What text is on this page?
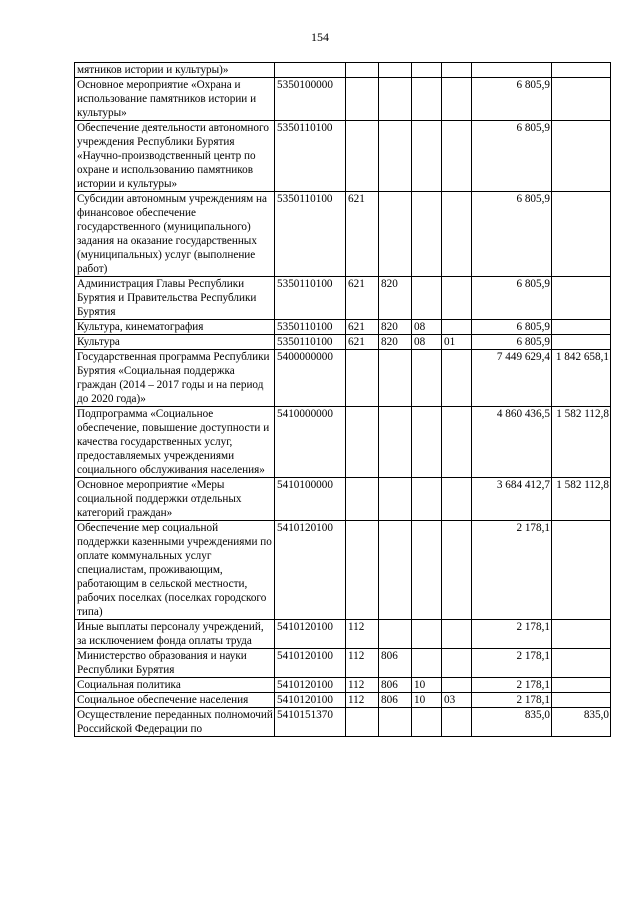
154
мятников истории и культуры)»							
Основное мероприятие «Охрана и использование памятников истории и культуры»	5350100000					6 805,9	
Обеспечение деятельности автономного учреждения Республики Бурятия «Научно-производственный центр по охране и использованию памятников истории и культуры»	5350110100					6 805,9	
Субсидии автономным учреждениям на финансовое обеспечение государственного (муниципального) задания на оказание государственных (муниципальных) услуг (выполнение работ)	5350110100	621				6 805,9	
Администрация Главы Республики Бурятия и Правительства Республики Бурятия	5350110100	621	820			6 805,9	
Культура, кинематография	5350110100	621	820	08		6 805,9	
Культура	5350110100	621	820	08	01	6 805,9	
Государственная программа Республики Бурятия «Социальная поддержка граждан (2014 – 2017 годы и на период до 2020 года)»	5400000000					7 449 629,4	1 842 658,1
Подпрограмма «Социальное обеспечение, повышение доступности и качества государственных услуг, предоставляемых учреждениями социального обслуживания населения»	5410000000					4 860 436,5	1 582 112,8
Основное мероприятие «Меры социальной поддержки отдельных категорий граждан»	5410100000					3 684 412,7	1 582 112,8
Обеспечение мер социальной поддержки казенными учреждениями по оплате коммунальных услуг специалистам, проживающим, работающим в сельской местности, рабочих поселках (поселках городского типа)	5410120100					2 178,1	
Иные выплаты персоналу учреждений, за исключением фонда оплаты труда	5410120100	112				2 178,1	
Министерство образования и науки Республики Бурятия	5410120100	112	806			2 178,1	
Социальная политика	5410120100	112	806	10		2 178,1	
Социальное обеспечение населения	5410120100	112	806	10	03	2 178,1	
Осуществление переданных полномочий Российской Федерации по	5410151370					835,0	835,0
